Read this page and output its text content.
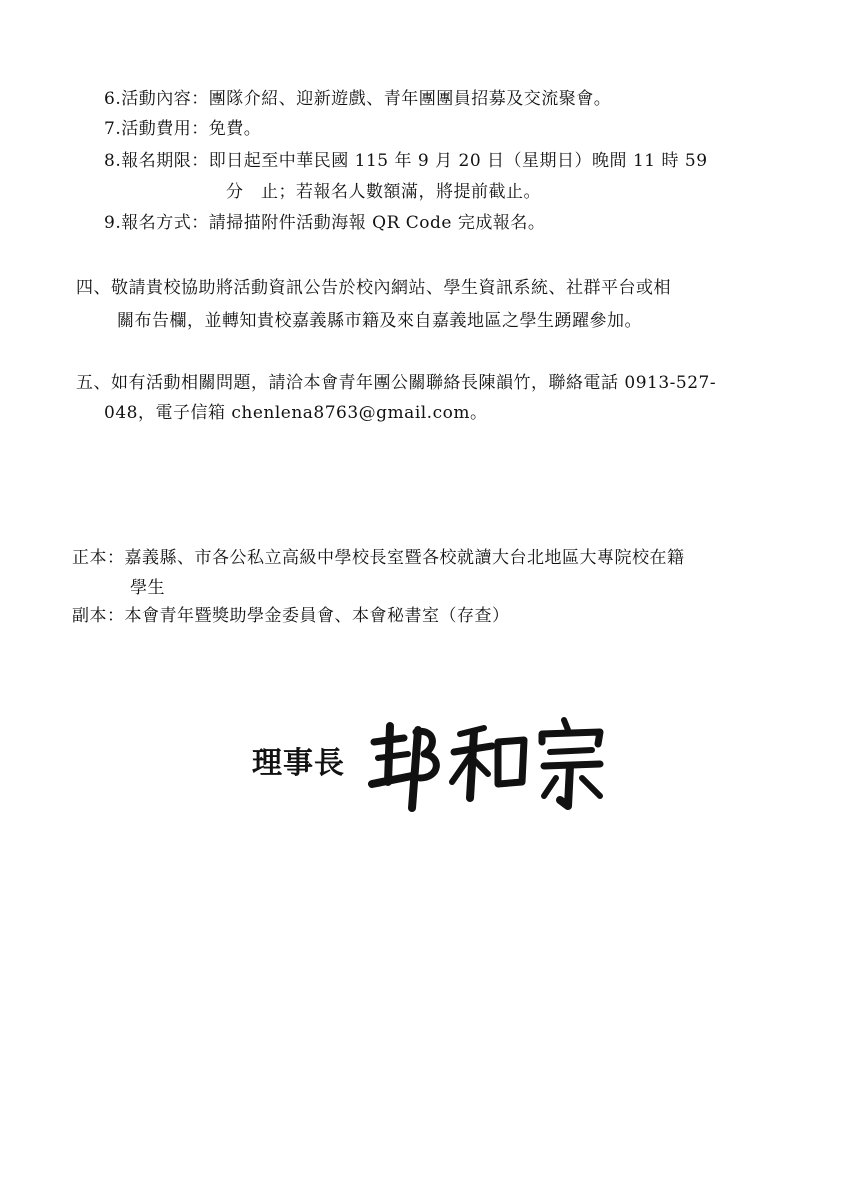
6.活動內容：團隊介紹、迎新遊戲、青年團團員招募及交流聚會。
7.活動費用：免費。
8.報名期限：即日起至中華民國 115 年 9 月 20 日（星期日）晚間 11 時 59
分　止；若報名人數額滿，將提前截止。
9.報名方式：請掃描附件活動海報 QR Code 完成報名。
四、敬請貴校協助將活動資訊公告於校內網站、學生資訊系統、社群平台或相
關布告欄，並轉知貴校嘉義縣市籍及來自嘉義地區之學生踴躍參加。
五、如有活動相關問題，請洽本會青年團公關聯絡長陳韻竹，聯絡電話 0913-527-
048，電子信箱 chenlena8763@gmail.com。
正本：嘉義縣、市各公私立高級中學校長室暨各校就讀大台北地區大專院校在籍
學生
副本：本會青年暨獎助學金委員會、本會秘書室（存查）
理事長
